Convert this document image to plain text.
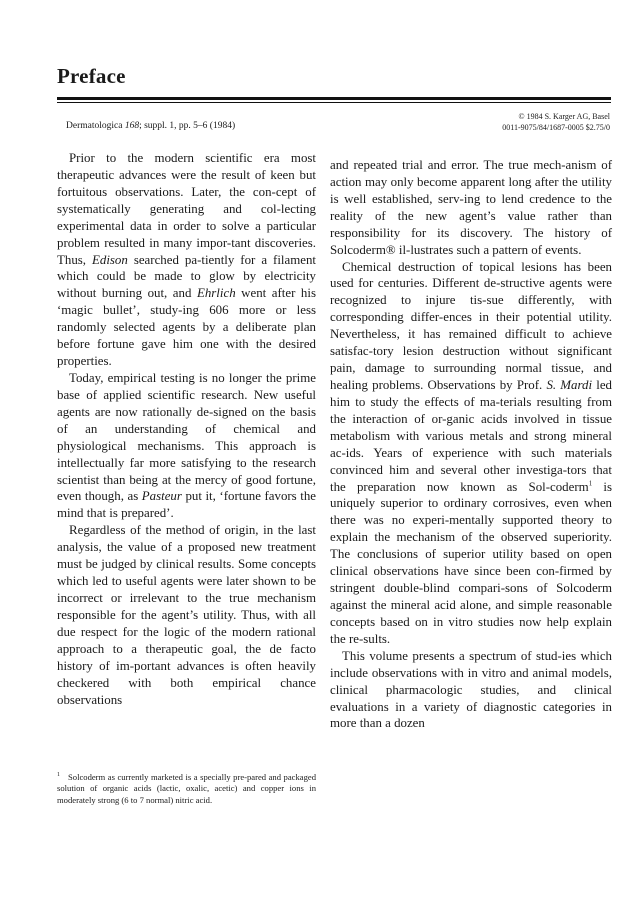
Preface
Dermatologica 168; suppl. 1, pp. 5–6 (1984)
© 1984 S. Karger AG, Basel
0011-9075/84/1687-0005 $2.75/0

Prior to the modern scientific era most therapeutic advances were the result of keen but fortuitous observations. Later, the con-cept of systematically generating and col-lecting experimental data in order to solve a particular problem resulted in many impor-tant discoveries. Thus, Edison searched pa-tiently for a filament which could be made to glow by electricity without burning out, and Ehrlich went after his ‘magic bullet’, study-ing 606 more or less randomly selected agents by a deliberate plan before fortune gave him one with the desired properties.

Today, empirical testing is no longer the prime base of applied scientific research. New useful agents are now rationally de-signed on the basis of an understanding of chemical and physiological mechanisms. This approach is intellectually far more satisfying to the research scientist than being at the mercy of good fortune, even though, as Pasteur put it, ‘fortune favors the mind that is prepared’.

Regardless of the method of origin, in the last analysis, the value of a proposed new treatment must be judged by clinical results. Some concepts which led to useful agents were later shown to be incorrect or irrelevant to the true mechanism responsible for the agent’s utility. Thus, with all due respect for the logic of the modern rational approach to a therapeutic goal, the de facto history of im-portant advances is often heavily checkered with both empirical chance observations

and repeated trial and error. The true mech-anism of action may only become apparent long after the utility is well established, serv-ing to lend credence to the reality of the new agent’s value rather than responsibility for its discovery. The history of Solcoderm® il-lustrates such a pattern of events.

Chemical destruction of topical lesions has been used for centuries. Different de-structive agents were recognized to injure tis-sue differently, with corresponding differ-ences in their potential utility. Nevertheless, it has remained difficult to achieve satisfac-tory lesion destruction without significant pain, damage to surrounding normal tissue, and healing problems. Observations by Prof. S. Mardi led him to study the effects of ma-terials resulting from the interaction of or-ganic acids involved in tissue metabolism with various metals and strong mineral ac-ids. Years of experience with such materials convinced him and several other investiga-tors that the preparation now known as Sol-coderm$^1$ is uniquely superior to ordinary corrosives, even when there was no experi-mentally supported theory to explain the mechanism of the observed superiority. The conclusions of superior utility based on open clinical observations have since been con-firmed by stringent double-blind compari-sons of Solcoderm against the mineral acid alone, and simple reasonable concepts based on in vitro studies now help explain the re-sults.

This volume presents a spectrum of stud-ies which include observations with in vitro and animal models, clinical pharmacologic studies, and clinical evaluations in a variety of diagnostic categories in more than a dozen

$^1$ Solcoderm as currently marketed is a specially pre-pared and packaged solution of organic acids (lactic, oxalic, acetic) and copper ions in moderately strong (6 to 7 normal) nitric acid.
